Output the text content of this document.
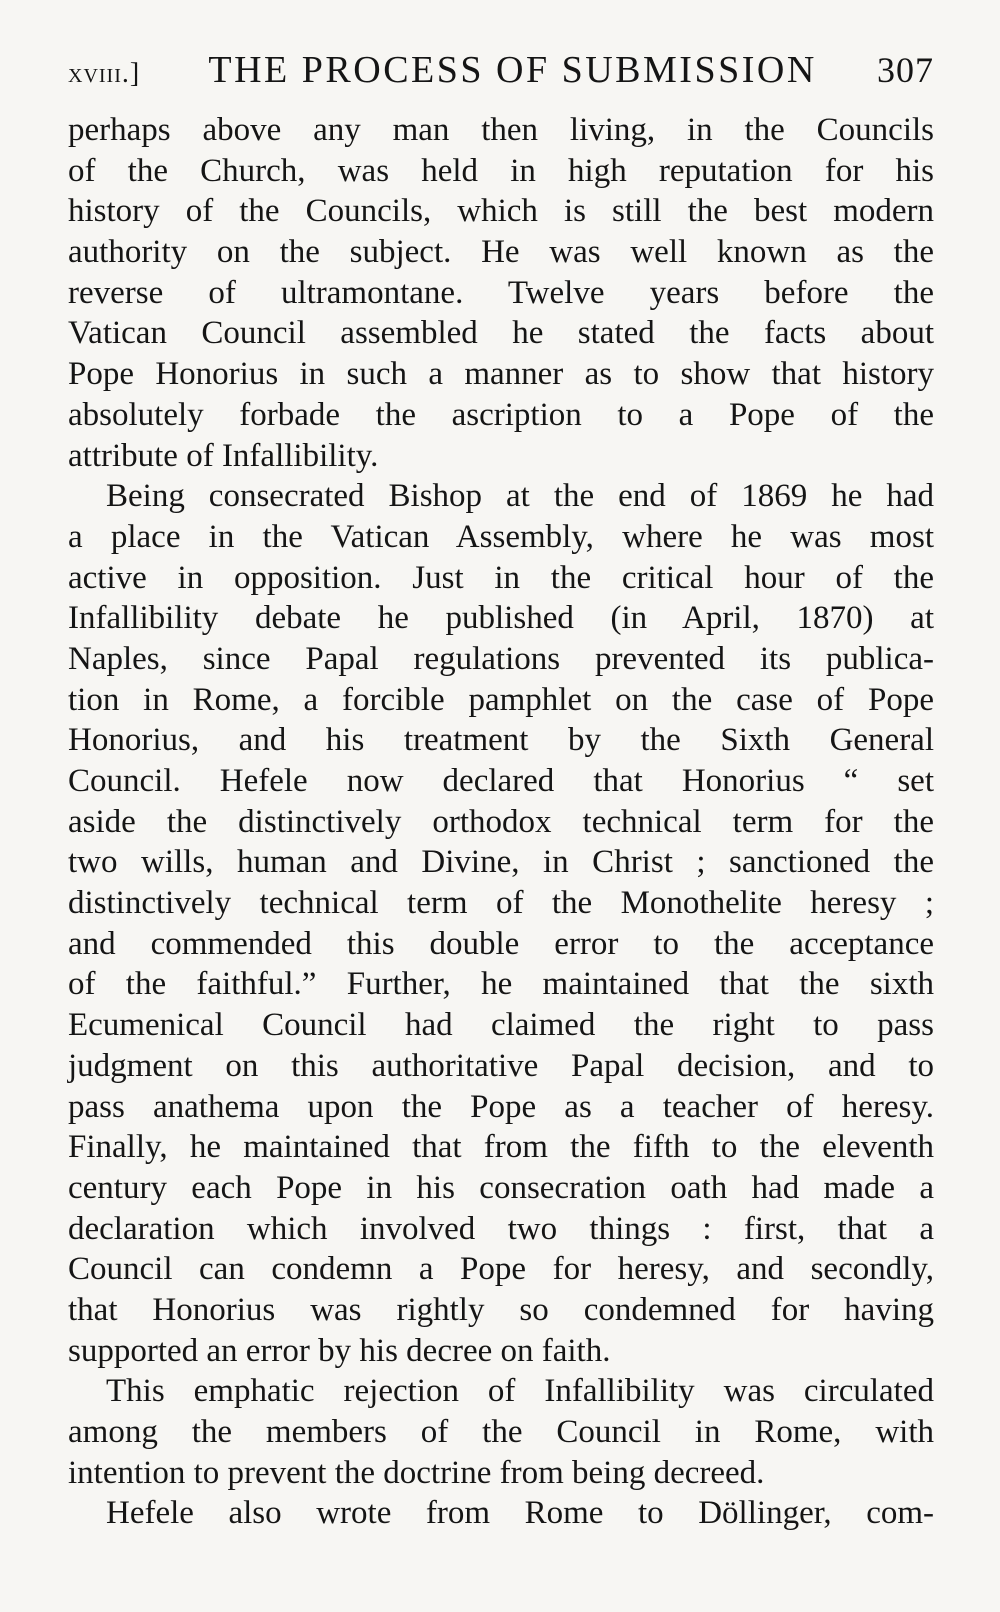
xviii.]	THE PROCESS OF SUBMISSION	307
perhaps above any man then living, in the Councils
of the Church, was held in high reputation for his
history of the Councils, which is still the best modern
authority on the subject. He was well known as the
reverse of ultramontane. Twelve years before the
Vatican Council assembled he stated the facts about
Pope Honorius in such a manner as to show that history
absolutely forbade the ascription to a Pope of the
attribute of Infallibility.
Being consecrated Bishop at the end of 1869 he had
a place in the Vatican Assembly, where he was most
active in opposition. Just in the critical hour of the
Infallibility debate he published (in April, 1870) at
Naples, since Papal regulations prevented its publica-
tion in Rome, a forcible pamphlet on the case of Pope
Honorius, and his treatment by the Sixth General
Council. Hefele now declared that Honorius “ set
aside the distinctively orthodox technical term for the
two wills, human and Divine, in Christ ; sanctioned the
distinctively technical term of the Monothelite heresy ;
and commended this double error to the acceptance
of the faithful.” Further, he maintained that the sixth
Ecumenical Council had claimed the right to pass
judgment on this authoritative Papal decision, and to
pass anathema upon the Pope as a teacher of heresy.
Finally, he maintained that from the fifth to the eleventh
century each Pope in his consecration oath had made a
declaration which involved two things : first, that a
Council can condemn a Pope for heresy, and secondly,
that Honorius was rightly so condemned for having
supported an error by his decree on faith.
This emphatic rejection of Infallibility was circulated
among the members of the Council in Rome, with
intention to prevent the doctrine from being decreed.
Hefele also wrote from Rome to Döllinger, com-
